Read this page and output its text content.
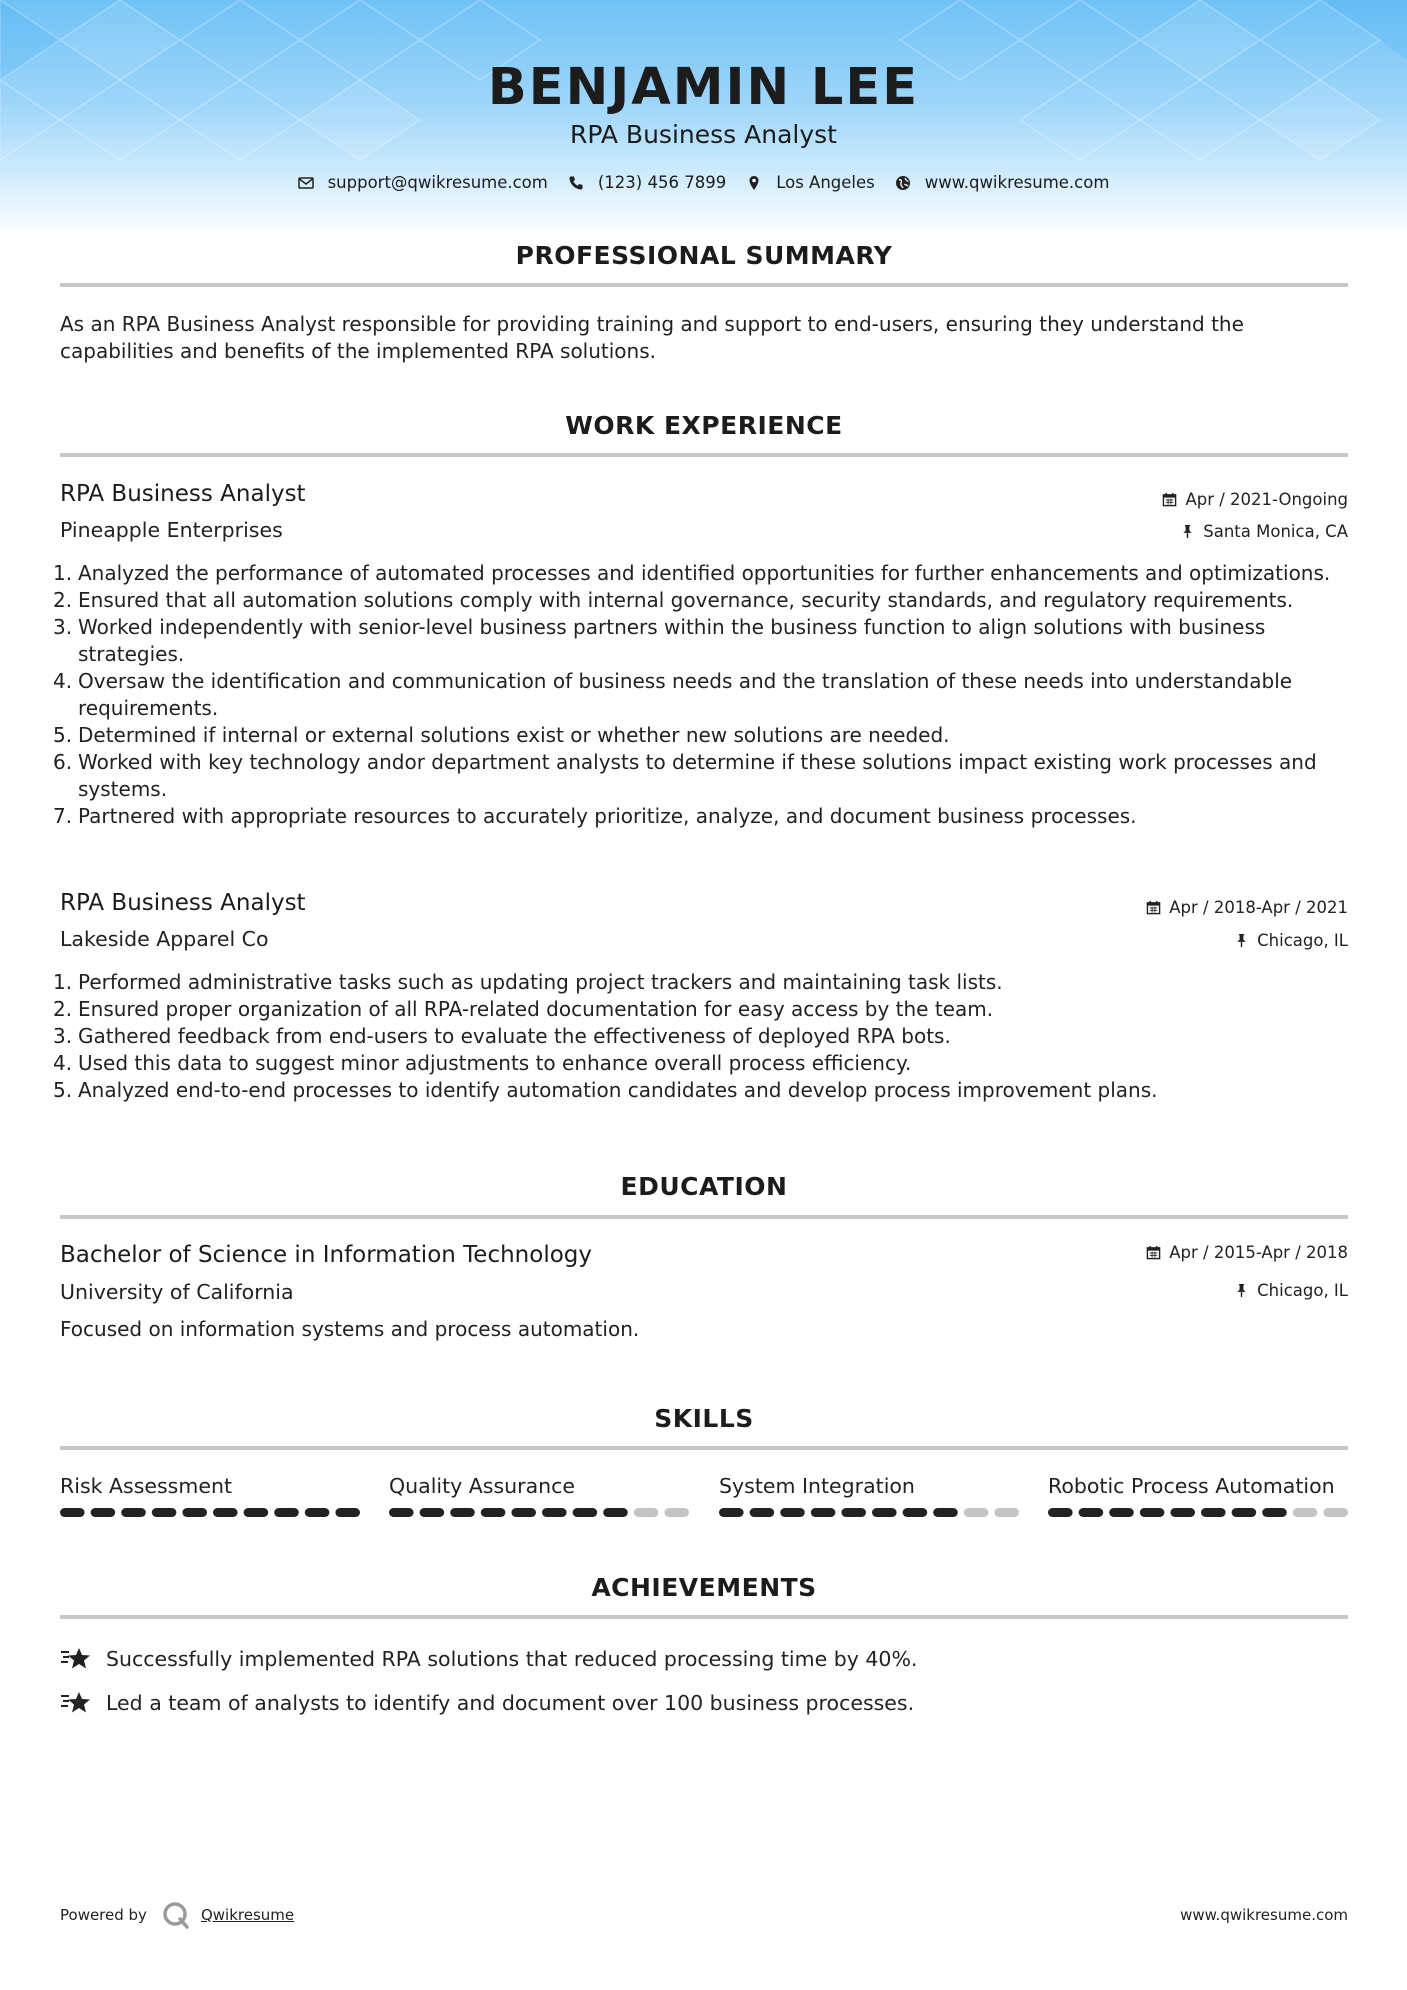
BENJAMIN LEE
RPA Business Analyst
support@qwikresume.com	(123) 456 7899	Los Angeles	www.qwikresume.com
PROFESSIONAL SUMMARY
As an RPA Business Analyst responsible for providing training and support to end-users, ensuring they understand the capabilities and benefits of the implemented RPA solutions.
WORK EXPERIENCE
RPA Business Analyst	Apr / 2021-Ongoing
Pineapple Enterprises	Santa Monica, CA
1. Analyzed the performance of automated processes and identified opportunities for further enhancements and optimizations.
2. Ensured that all automation solutions comply with internal governance, security standards, and regulatory requirements.
3. Worked independently with senior-level business partners within the business function to align solutions with business strategies.
4. Oversaw the identification and communication of business needs and the translation of these needs into understandable requirements.
5. Determined if internal or external solutions exist or whether new solutions are needed.
6. Worked with key technology andor department analysts to determine if these solutions impact existing work processes and systems.
7. Partnered with appropriate resources to accurately prioritize, analyze, and document business processes.
RPA Business Analyst	Apr / 2018-Apr / 2021
Lakeside Apparel Co	Chicago, IL
1. Performed administrative tasks such as updating project trackers and maintaining task lists.
2. Ensured proper organization of all RPA-related documentation for easy access by the team.
3. Gathered feedback from end-users to evaluate the effectiveness of deployed RPA bots.
4. Used this data to suggest minor adjustments to enhance overall process efficiency.
5. Analyzed end-to-end processes to identify automation candidates and develop process improvement plans.
EDUCATION
Bachelor of Science in Information Technology	Apr / 2015-Apr / 2018
University of California	Chicago, IL
Focused on information systems and process automation.
SKILLS
Risk Assessment	Quality Assurance	System Integration	Robotic Process Automation
ACHIEVEMENTS
Successfully implemented RPA solutions that reduced processing time by 40%.
Led a team of analysts to identify and document over 100 business processes.
Powered by	Qwikresume	www.qwikresume.com
